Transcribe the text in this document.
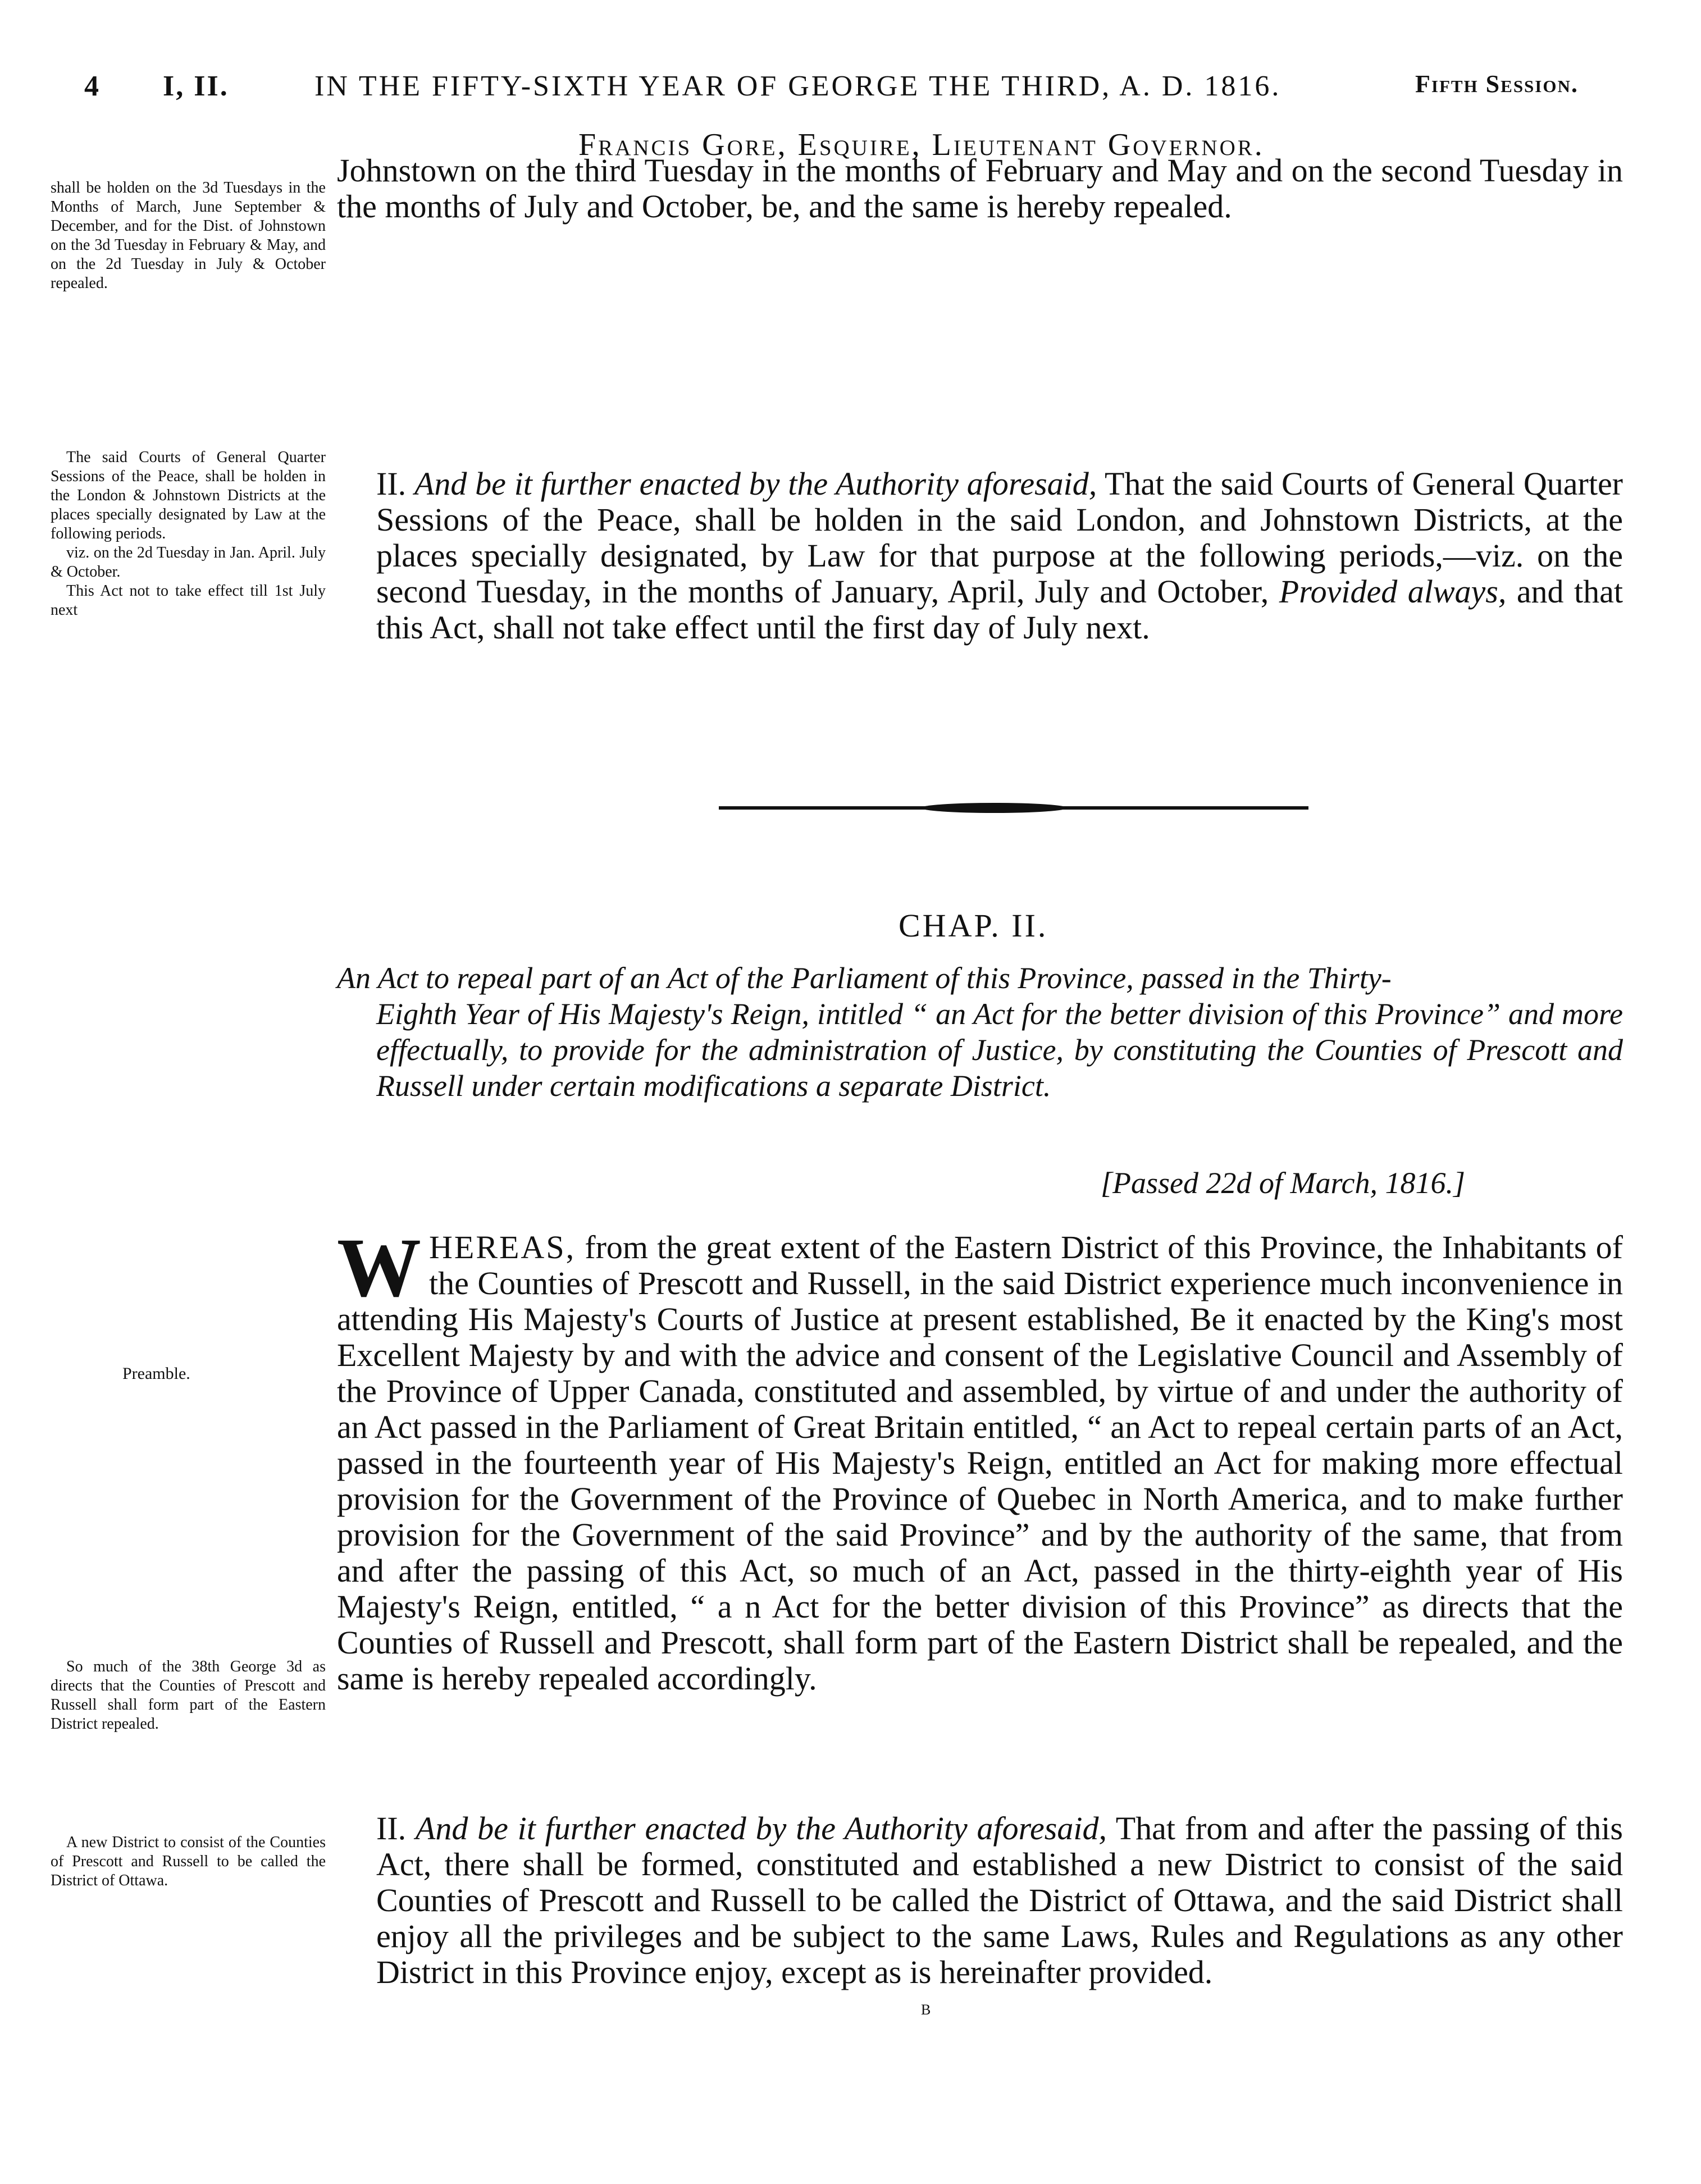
4 I, II.	IN THE FIFTY-SIXTH YEAR OF GEORGE THE THIRD, A. D. 1816.	Fifth Session.
Francis Gore, Esquire, Lieutenant Governor.

Johnstown on the third Tuesday in the months of February and May and on the second Tuesday in the months of July and October, be, and the same is hereby repealed.

II. And be it further enacted by the Authority aforesaid, That the said Courts of General Quarter Sessions of the Peace, shall be holden in the said London, and Johnstown Districts, at the places specially designated, by Law for that purpose at the following periods,—viz. on the second Tuesday, in the months of January, April, July and October, Provided always, and that this Act, shall not take effect until the first day of July next.

shall be holden on the 3d Tuesdays in the Months of March, June September & December, and for the Dist. of Johnstown on the 3d Tuesday in February & May, and on the 2d Tuesday in July & October repealed.

The said Courts of General Quarter Sessions of the Peace, shall be holden in the London & Johnstown Districts at the places specially designated by Law at the following periods.

viz. on the 2d Tuesday in Jan. April. July & October.

This Act not to take effect till 1st July next

Preamble.

So much of the 38th George 3d as directs that the Counties of Prescott and Russell shall form part of the Eastern District repealed.

A new District to consist of the Counties of Prescott and Russell to be called the District of Ottawa.

CHAP. II.

An Act to repeal part of an Act of the Parliament of this Province, passed in the Thirty-

Eighth Year of His Majesty's Reign, intitled “ an Act for the better division of this Province” and more effectually, to provide for the administration of Justice, by constituting the Counties of Prescott and Russell under certain modifications a separate District.

[Passed 22d of March, 1816.]

WHEREAS, from the great extent of the Eastern District of this Province, the Inhabitants of the Counties of Prescott and Russell, in the said District experience much inconvenience in attending His Majesty's Courts of Justice at present established, Be it enacted by the King's most Excellent Majesty by and with the advice and consent of the Legislative Council and Assembly of the Province of Upper Canada, constituted and assembled, by virtue of and under the authority of an Act passed in the Parliament of Great Britain entitled, “ an Act to repeal certain parts of an Act, passed in the fourteenth year of His Majesty's Reign, entitled an Act for making more effectual provision for the Government of the Province of Quebec in North America, and to make further provision for the Government of the said Province” and by the authority of the same, that from and after the passing of this Act, so much of an Act, passed in the thirty-eighth year of His Majesty's Reign, entitled, “ a n Act for the better division of this Province” as directs that the Counties of Russell and Prescott, shall form part of the Eastern District shall be repealed, and the same is hereby repealed accordingly.

II. And be it further enacted by the Authority aforesaid, That from and after the passing of this Act, there shall be formed, constituted and established a new District to consist of the said Counties of Prescott and Russell to be called the District of Ottawa, and the said District shall enjoy all the privileges and be subject to the same Laws, Rules and Regulations as any other District in this Province enjoy, except as is hereinafter provided.

B
